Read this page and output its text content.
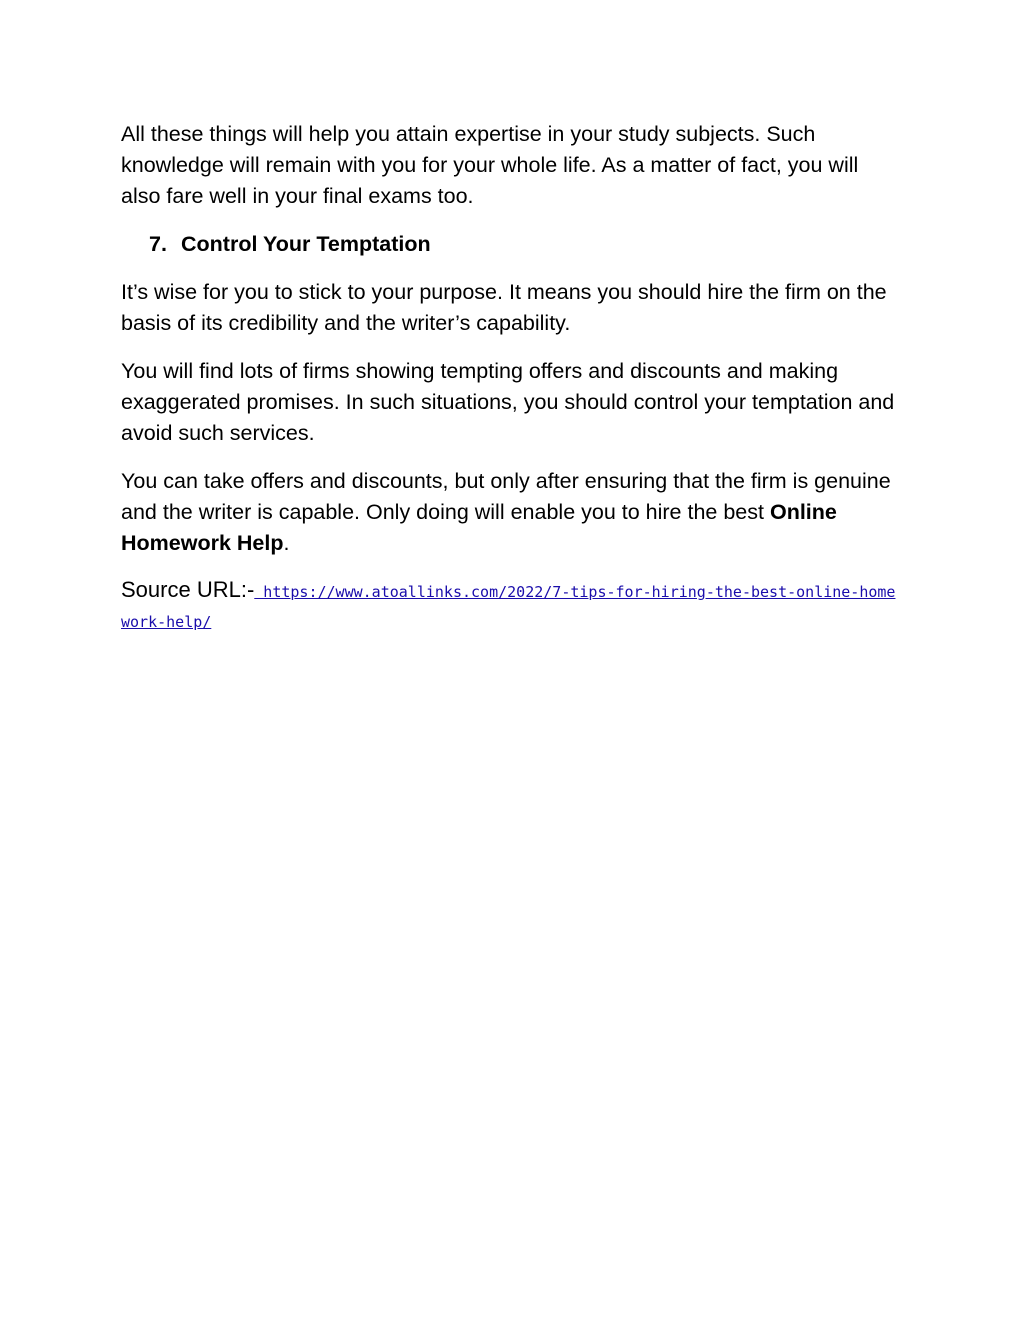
All these things will help you attain expertise in your study subjects. Such knowledge will remain with you for your whole life. As a matter of fact, you will also fare well in your final exams too.

7. Control Your Temptation

It’s wise for you to stick to your purpose. It means you should hire the firm on the basis of its credibility and the writer’s capability.

You will find lots of firms showing tempting offers and discounts and making exaggerated promises. In such situations, you should control your temptation and avoid such services.

You can take offers and discounts, but only after ensuring that the firm is genuine and the writer is capable. Only doing will enable you to hire the best Online Homework Help.

Source URL:- https://www.atoallinks.com/2022/7-tips-for-hiring-the-best-online-homework-help/
